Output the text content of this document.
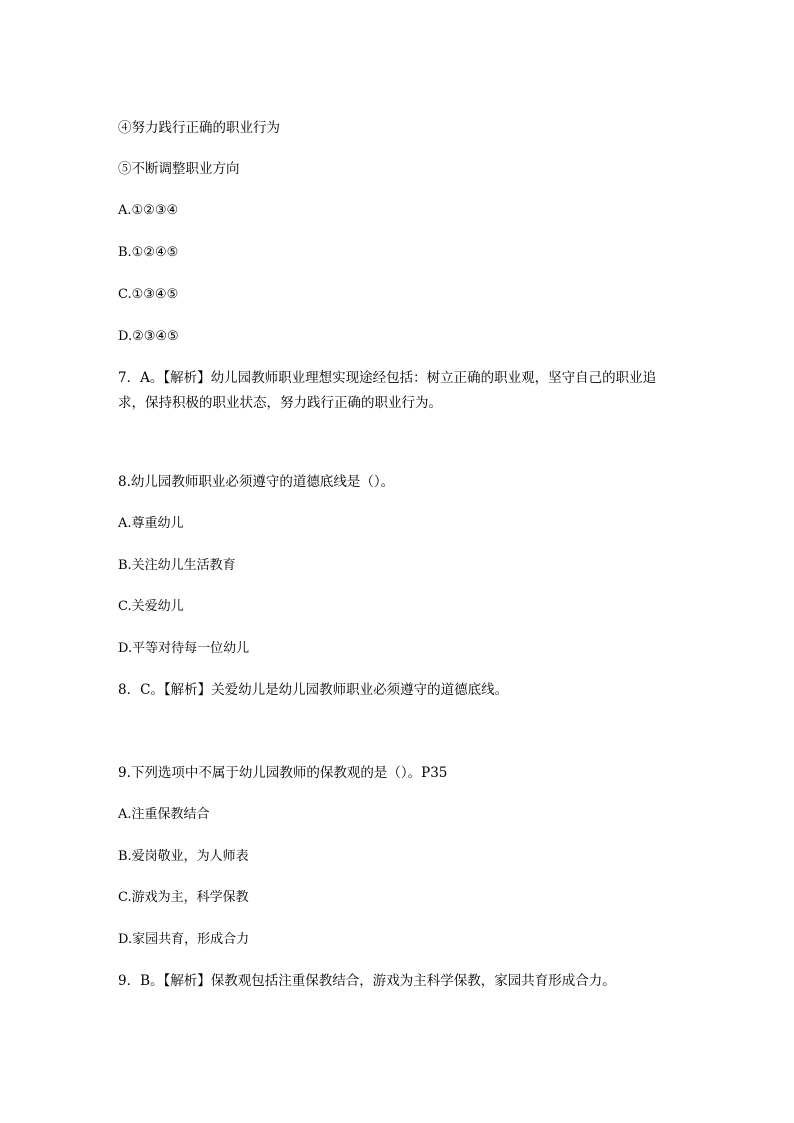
④努力践行正确的职业行为
⑤不断调整职业方向
A.①②③④
B.①②④⑤
C.①③④⑤
D.②③④⑤
7．A。【解析】幼儿园教师职业理想实现途经包括：树立正确的职业观，坚守自己的职业追求，保持积极的职业状态，努力践行正确的职业行为。
8.幼儿园教师职业必须遵守的道德底线是（）。
A.尊重幼儿
B.关注幼儿生活教育
C.关爱幼儿
D.平等对待每一位幼儿
8．C。【解析】关爱幼儿是幼儿园教师职业必须遵守的道德底线。
9.下列选项中不属于幼儿园教师的保教观的是（）。P35
A.注重保教结合
B.爱岗敬业，为人师表
C.游戏为主，科学保教
D.家园共育，形成合力
9．B。【解析】保教观包括注重保教结合，游戏为主科学保教，家园共育形成合力。
